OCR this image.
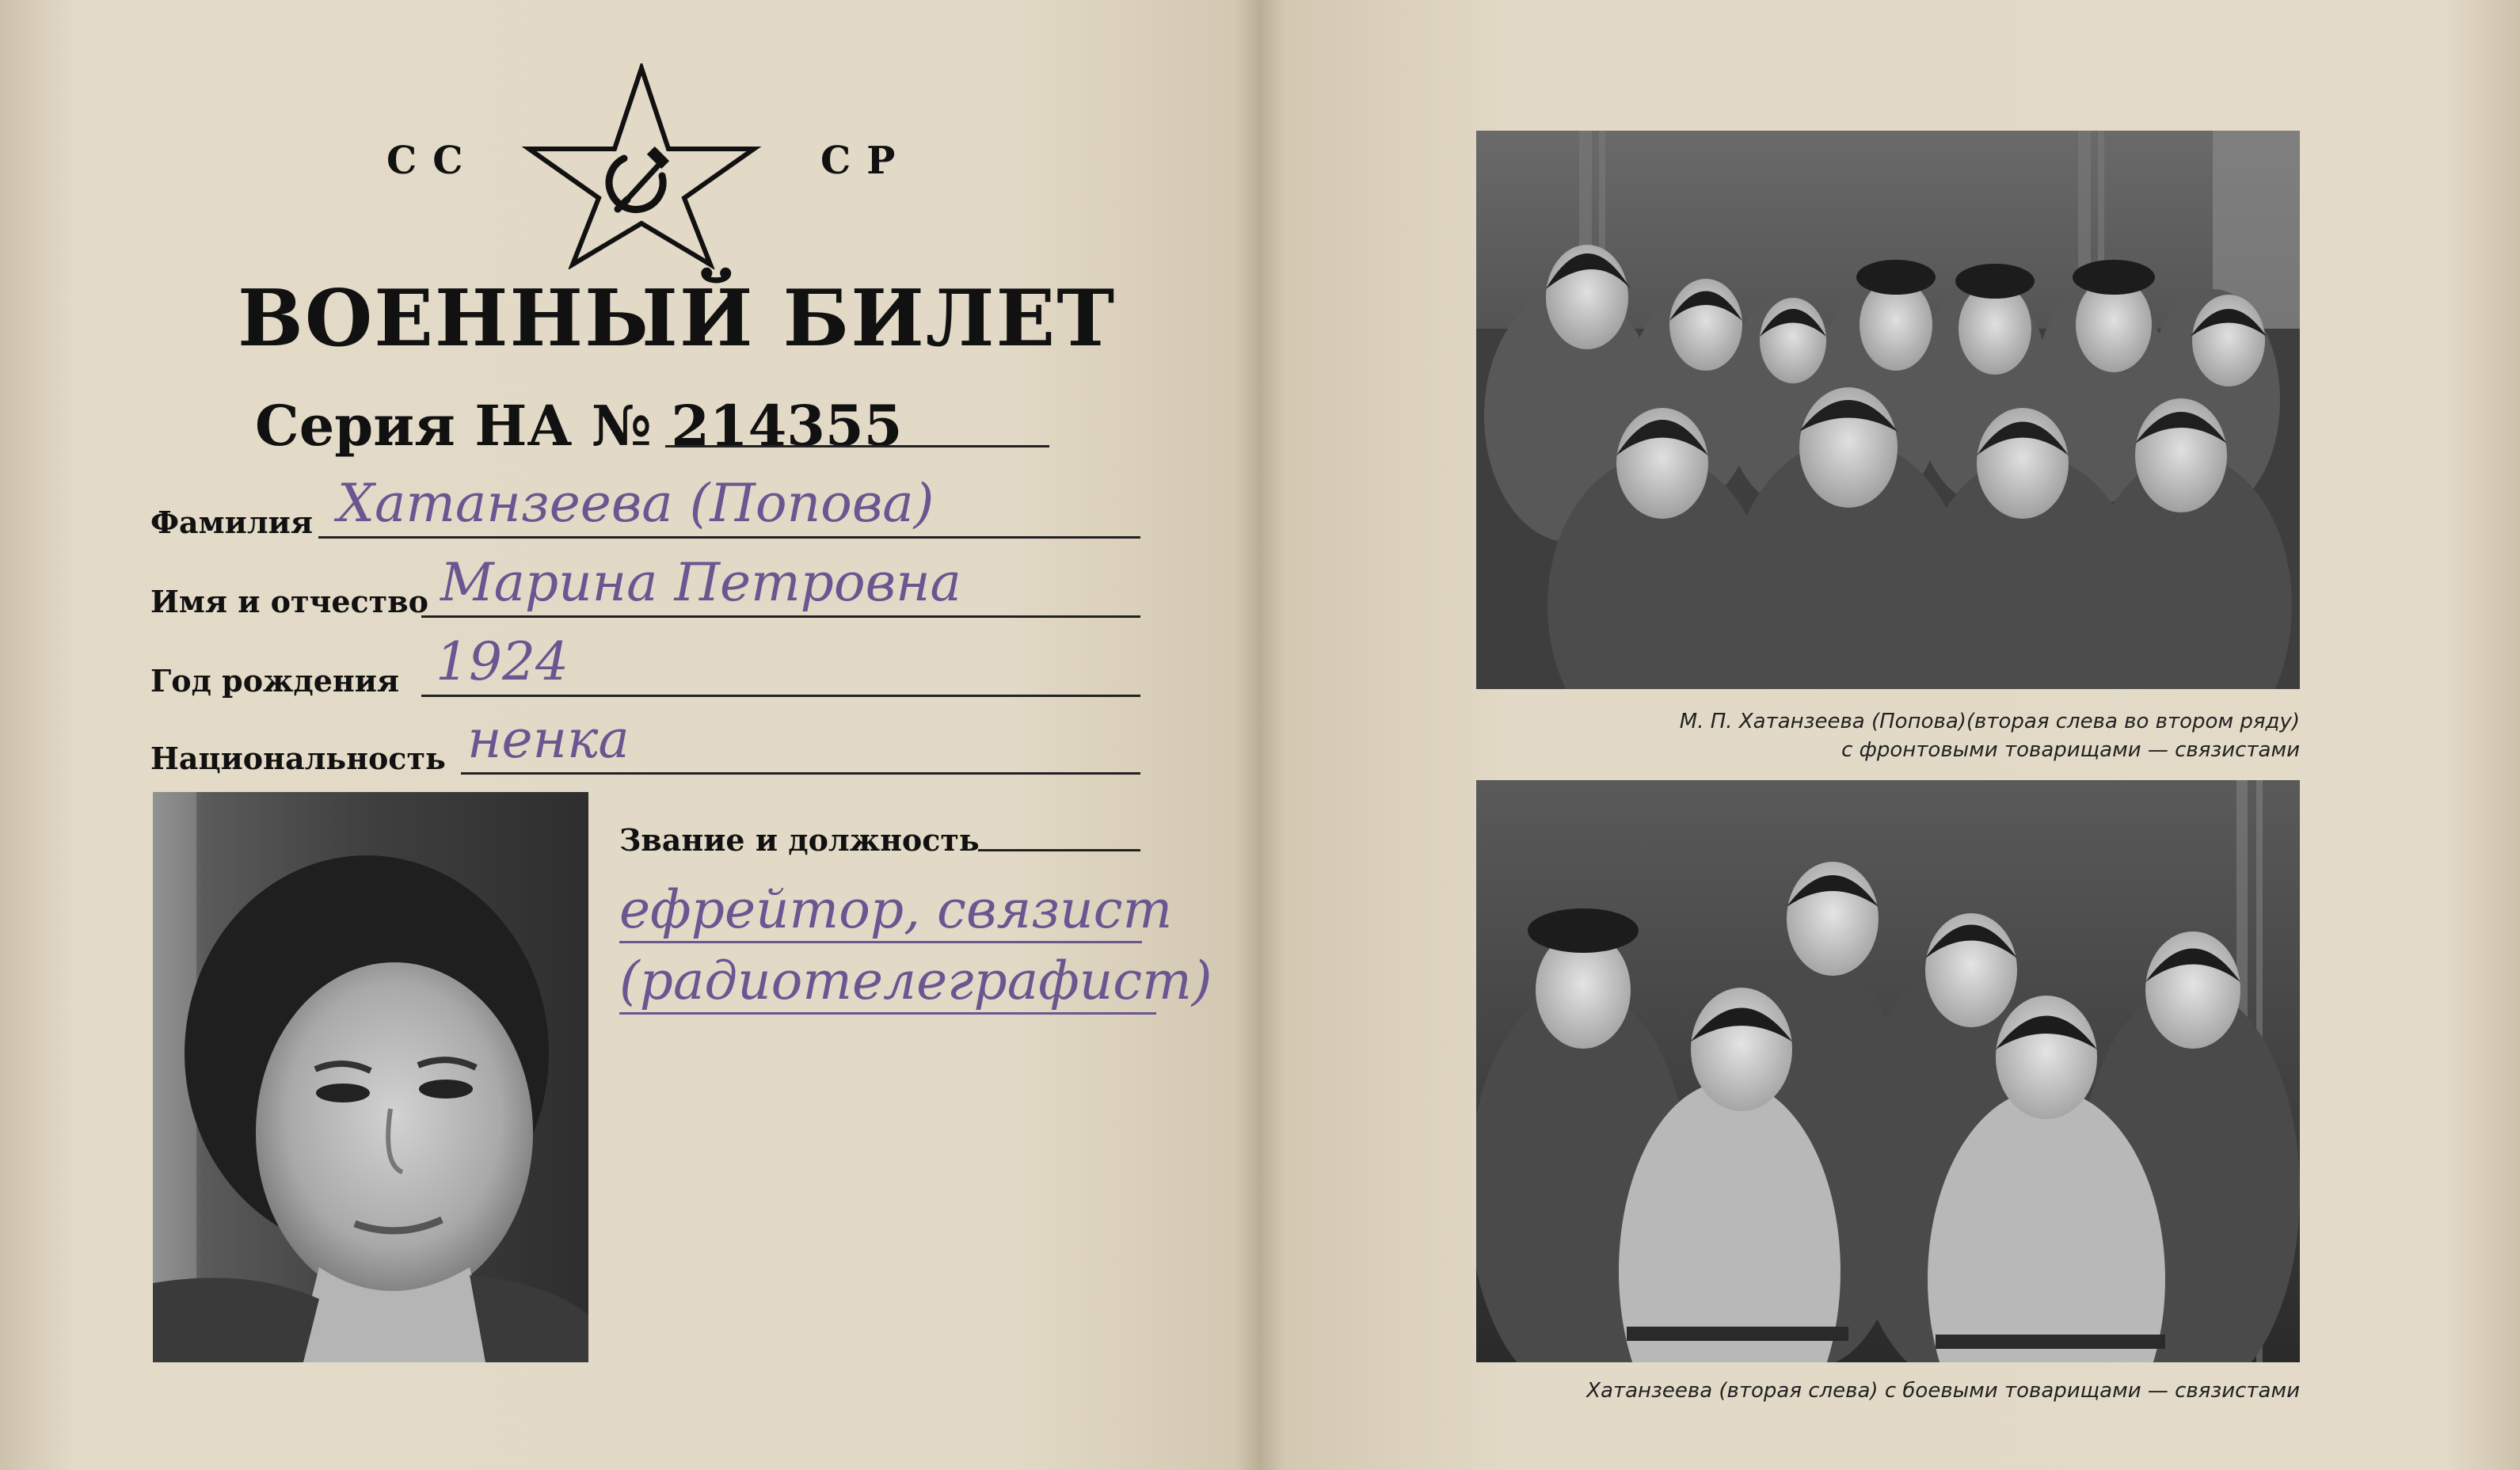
СС	СР
ВОЕННЫЙ БИЛЕТ
Серия НА № 214355
Фамилия Хатанзеева (Попова)
Имя и отчество Марина Петровна
Год рождения 1924
Национальность ненка
Звание и должность
ефрейтор, связист
(радиотелеграфист)
М. П. Хатанзеева (Попова)(вторая слева во втором ряду)
с фронтовыми товарищами — связистами
Хатанзеева (вторая слева) с боевыми товарищами — связистами
